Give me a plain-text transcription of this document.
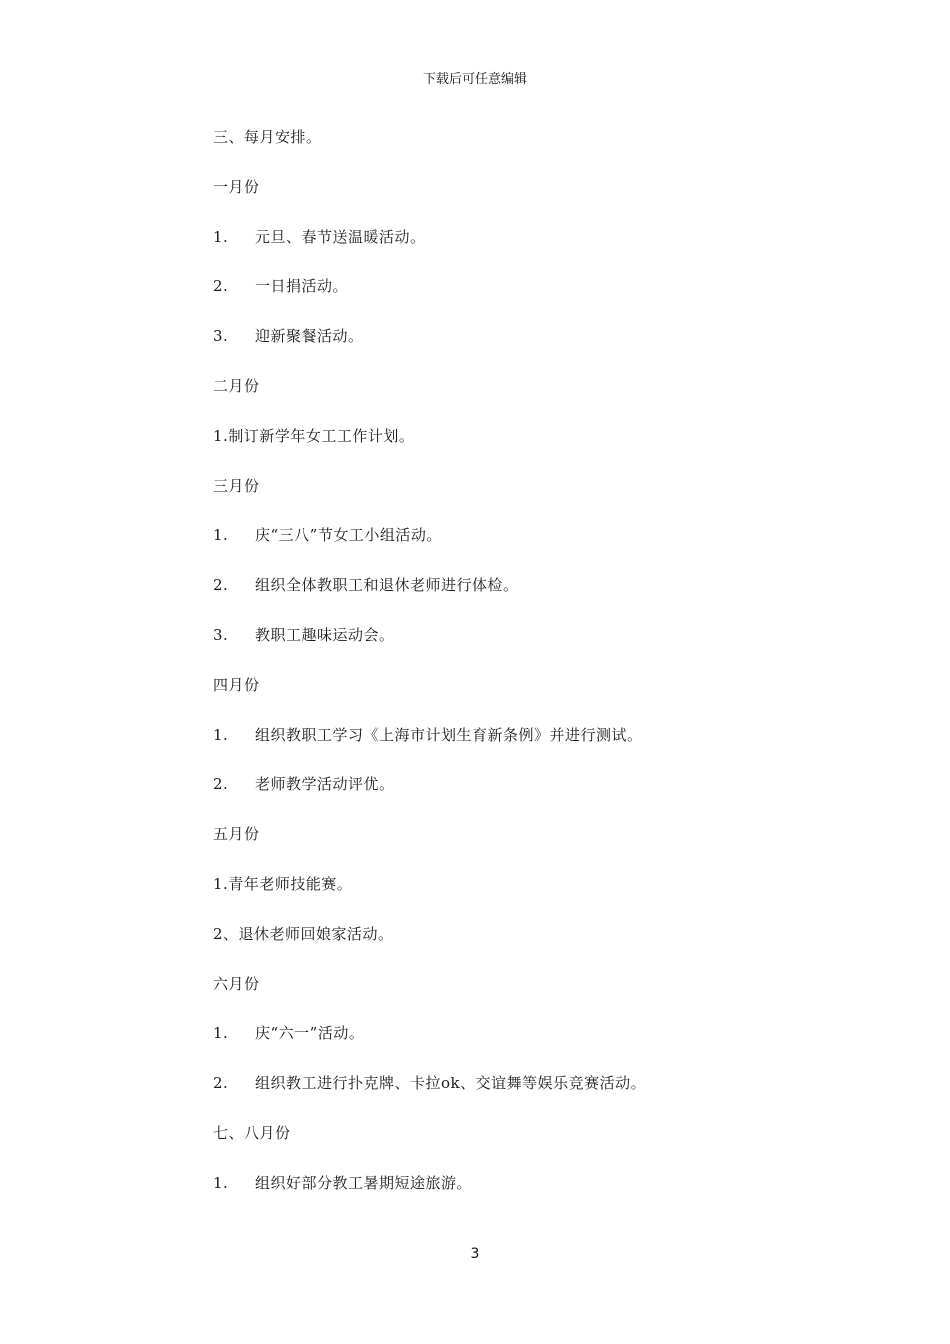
下载后可任意编辑
三、每月安排。
一月份
1. 元旦、春节送温暖活动。
2. 一日捐活动。
3. 迎新聚餐活动。
二月份
1.制订新学年女工工作计划。
三月份
1. 庆“三八”节女工小组活动。
2. 组织全体教职工和退休老师进行体检。
3. 教职工趣味运动会。
四月份
1. 组织教职工学习《上海市计划生育新条例》并进行测试。
2. 老师教学活动评优。
五月份
1.青年老师技能赛。
2、退休老师回娘家活动。
六月份
1. 庆“六一”活动。
2. 组织教工进行扑克牌、卡拉ok、交谊舞等娱乐竞赛活动。
七、八月份
1. 组织好部分教工暑期短途旅游。
3
